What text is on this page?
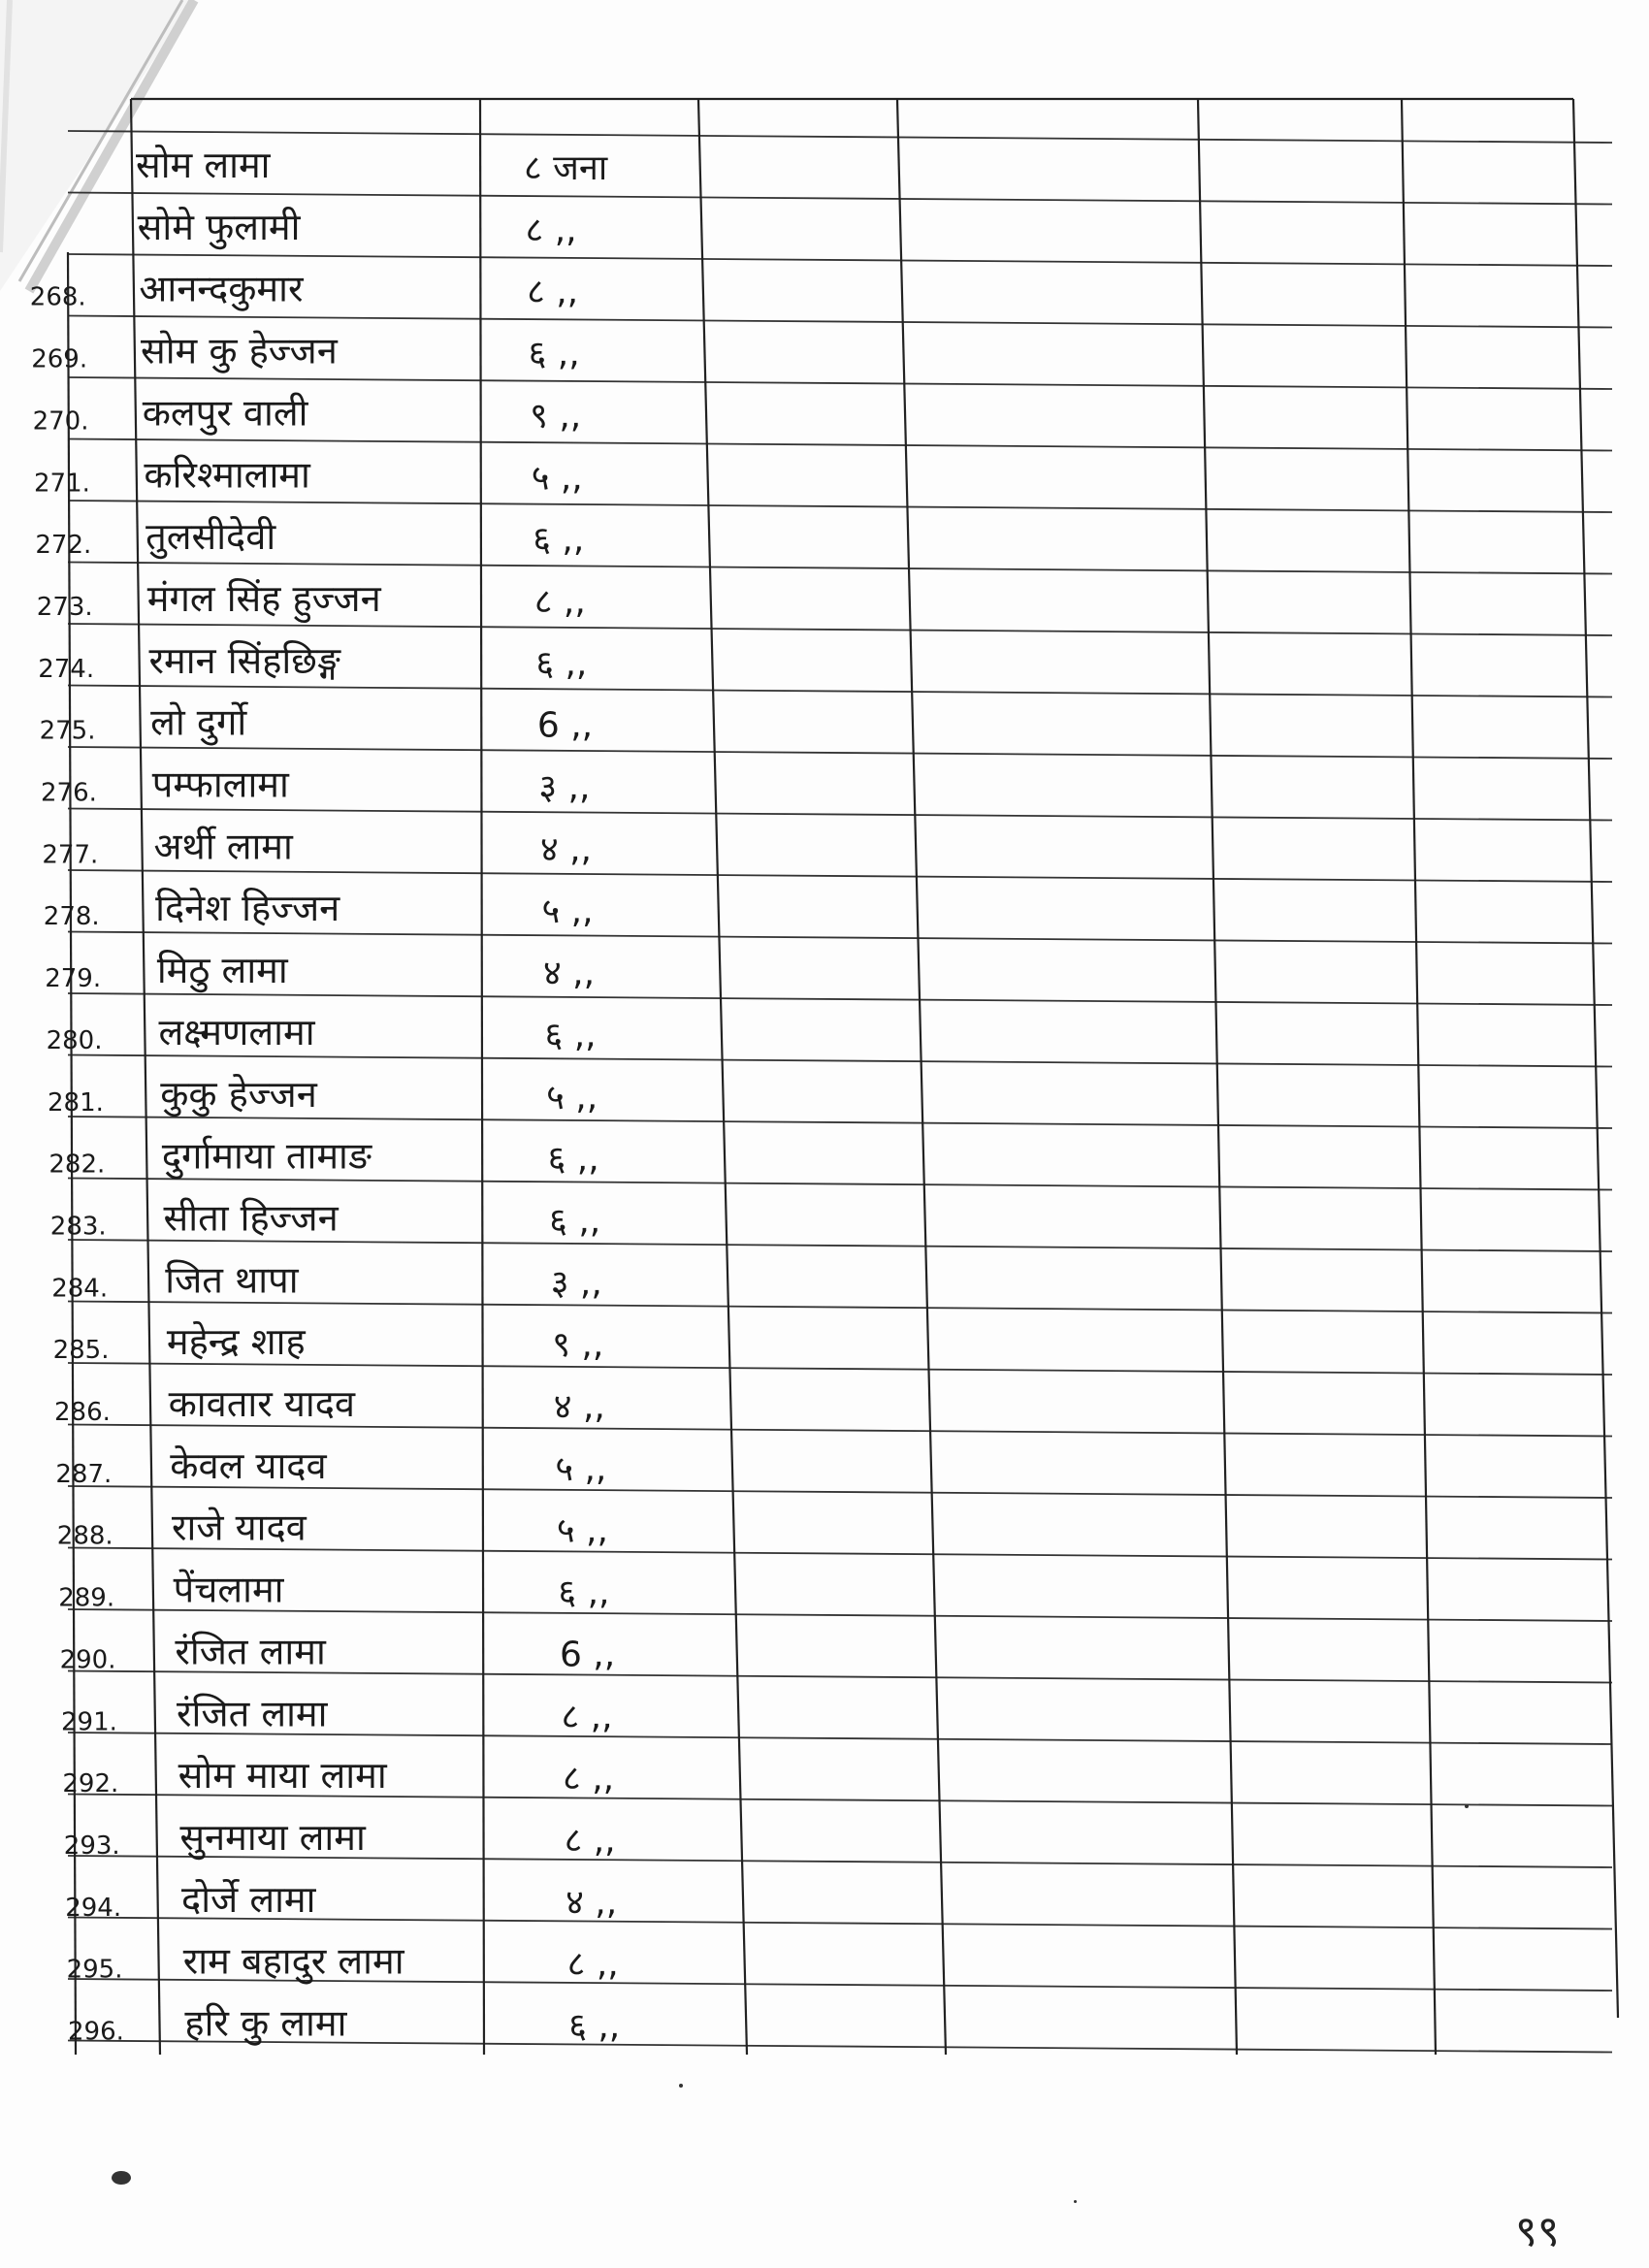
सोम लामा	८ जना
सोमे फुलामी	८ ,,
268. आनन्दकुमार	८ ,,
269. सोम कु हेज्जन	६ ,,
270. कलपुर वाली	९ ,,
271. करिश्मालामा	५ ,,
272. तुलसीदेवी	६ ,,
273. मंगल सिंह हुज्जन	८ ,,
274. रमान सिंहछिङ्ग	६ ,,
275. लो दुर्गो	6 ,,
276. पम्फालामा	३ ,,
277. अर्थी लामा	४ ,,
278. दिनेश हिज्जन	५ ,,
279. मिठु लामा	४ ,,
280. लक्ष्मणलामा	६ ,,
281. कुकु हेज्जन	५ ,,
282. दुर्गामाया तामाङ	६ ,,
283. सीता हिज्जन	६ ,,
284. जित थापा	३ ,,
285. महेन्द्र शाह	९ ,,
286. कावतार यादव	४ ,,
287. केवल यादव	५ ,,
288. राजे यादव	५ ,,
289. पेंचलामा	६ ,,
290. रंजित लामा	6 ,,
291. रंजित लामा	८ ,,
292. सोम माया लामा	८ ,,
293. सुनमाया लामा	८ ,,
294. दोर्जे लामा	४ ,,
295. राम बहादुर लामा	८ ,,
296. हरि कु लामा	६ ,,
९९
